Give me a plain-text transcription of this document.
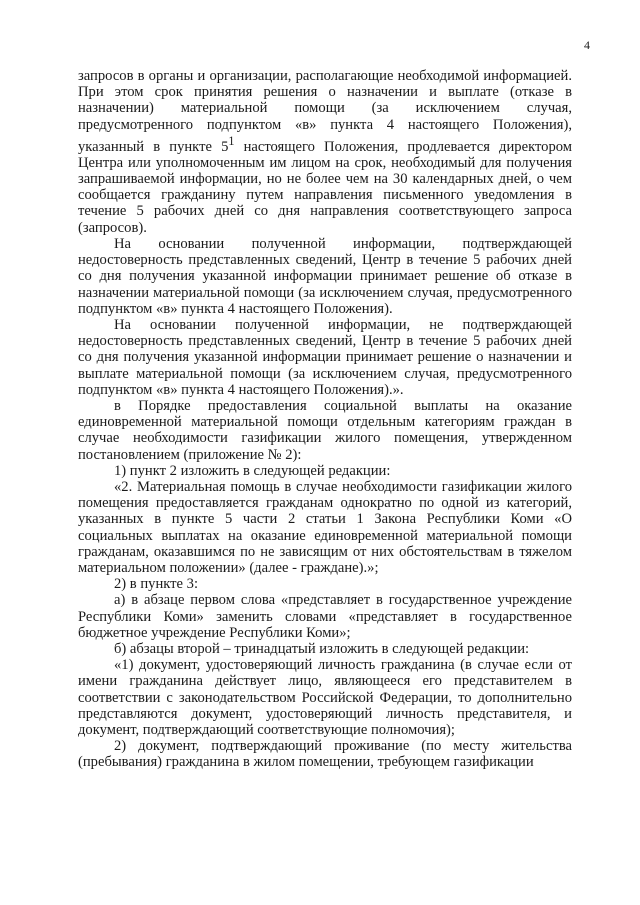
4

запросов в органы и организации, располагающие необходимой информацией. При этом срок принятия решения о назначении и выплате (отказе в назначении) материальной помощи (за исключением случая, предусмотренного подпунктом «в» пункта 4 настоящего Положения), указанный в пункте $5^1$ настоящего Положения, продлевается директором Центра или уполномоченным им лицом на срок, необходимый для получения запрашиваемой информации, но не более чем на 30 календарных дней, о чем сообщается гражданину путем направления письменного уведомления в течение 5 рабочих дней со дня направления соответствующего запроса (запросов).

На основании полученной информации, подтверждающей недостоверность представленных сведений, Центр в течение 5 рабочих дней со дня получения указанной информации принимает решение об отказе в назначении материальной помощи (за исключением случая, предусмотренного подпунктом «в» пункта 4 настоящего Положения).

На основании полученной информации, не подтверждающей недостоверность представленных сведений, Центр в течение 5 рабочих дней со дня получения указанной информации принимает решение о назначении и выплате материальной помощи (за исключением случая, предусмотренного подпунктом «в» пункта 4 настоящего Положения).».

в Порядке предоставления социальной выплаты на оказание единовременной материальной помощи отдельным категориям граждан в случае необходимости газификации жилого помещения, утвержденном постановлением (приложение № 2):

1) пункт 2 изложить в следующей редакции:

«2. Материальная помощь в случае необходимости газификации жилого помещения предоставляется гражданам однократно по одной из категорий, указанных в пункте 5 части 2 статьи 1 Закона Республики Коми «О социальных выплатах на оказание единовременной материальной помощи гражданам, оказавшимся по не зависящим от них обстоятельствам в тяжелом материальном положении» (далее - граждане).»;

2) в пункте 3:

а) в абзаце первом слова «представляет в государственное учреждение Республики Коми» заменить словами «представляет в государственное бюджетное учреждение Республики Коми»;

б) абзацы второй – тринадцатый изложить в следующей редакции:

«1) документ, удостоверяющий личность гражданина (в случае если от имени гражданина действует лицо, являющееся его представителем в соответствии с законодательством Российской Федерации, то дополнительно представляются документ, удостоверяющий личность представителя, и документ, подтверждающий соответствующие полномочия);

2) документ, подтверждающий проживание (по месту жительства (пребывания) гражданина в жилом помещении, требующем газификации
